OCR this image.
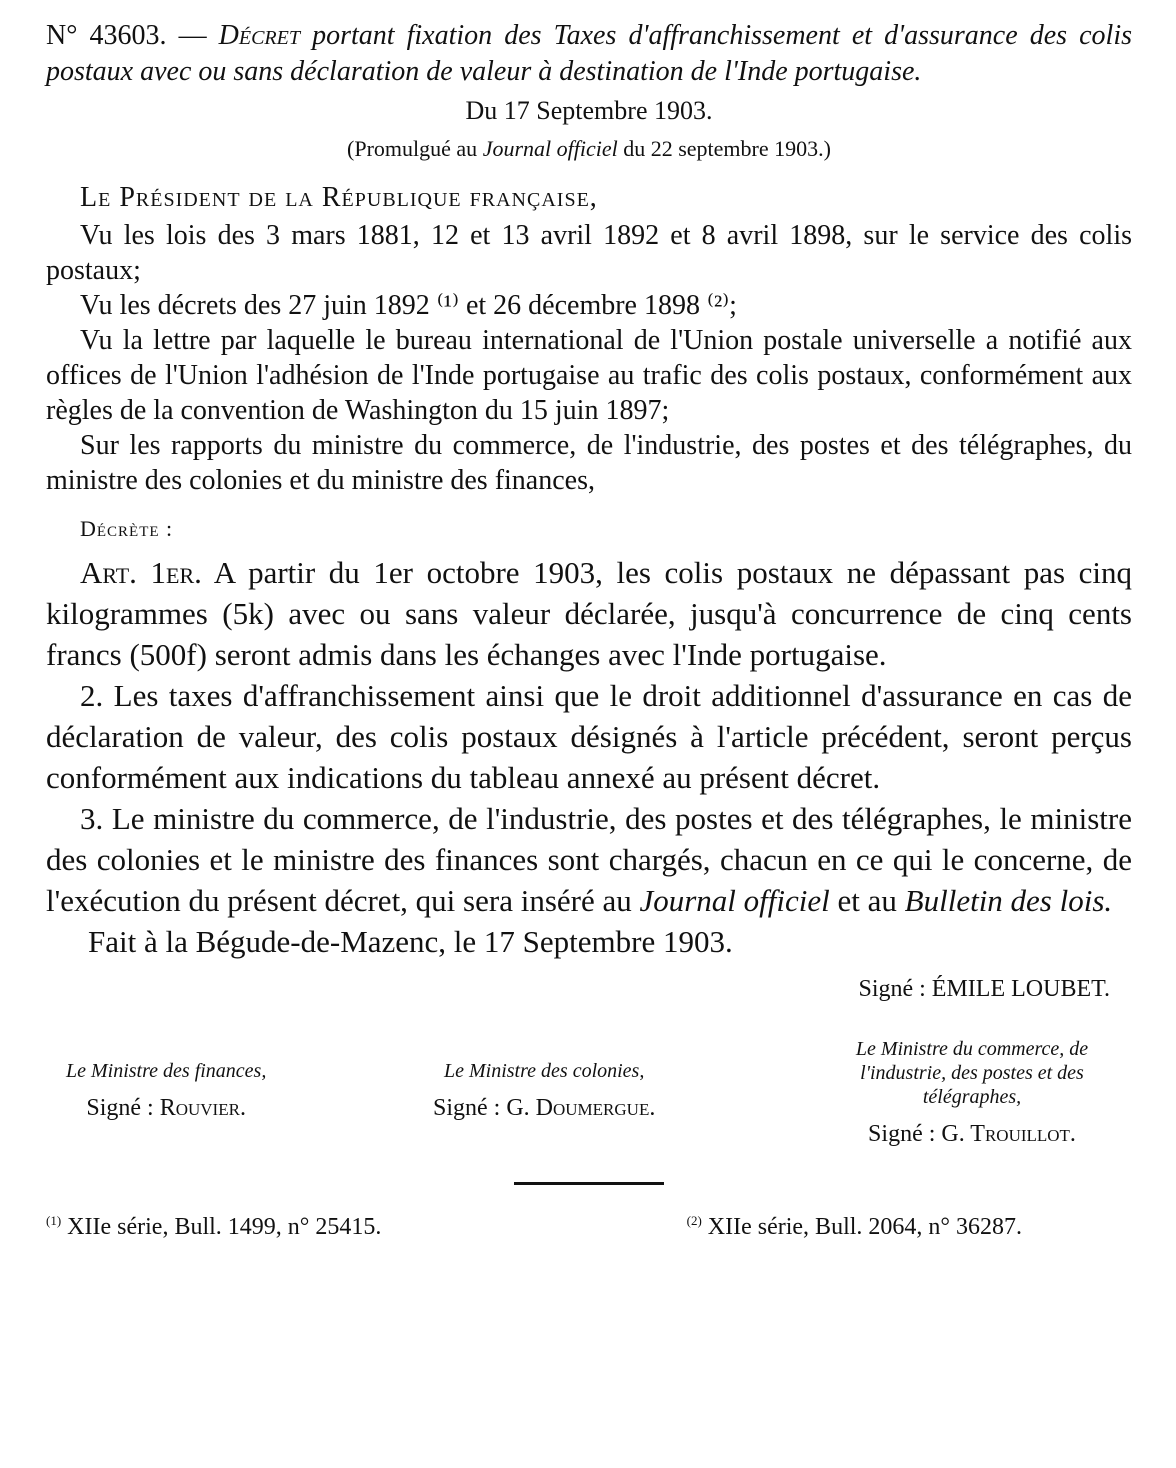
N° 43603. — Décret portant fixation des Taxes d'affranchissement et d'assurance des colis postaux avec ou sans déclaration de valeur à destination de l'Inde portugaise.
Du 17 Septembre 1903.
(Promulgué au Journal officiel du 22 septembre 1903.)
Le Président de la République française,

Vu les lois des 3 mars 1881, 12 et 13 avril 1892 et 8 avril 1898, sur le service des colis postaux;

Vu les décrets des 27 juin 1892 ⁽¹⁾ et 26 décembre 1898 ⁽²⁾;

Vu la lettre par laquelle le bureau international de l'Union postale universelle a notifié aux offices de l'Union l'adhésion de l'Inde portugaise au trafic des colis postaux, conformément aux règles de la convention de Washington du 15 juin 1897;

Sur les rapports du ministre du commerce, de l'industrie, des postes et des télégraphes, du ministre des colonies et du ministre des finances,

Décrète :

Art. 1er. A partir du 1er octobre 1903, les colis postaux ne dépassant pas cinq kilogrammes (5k) avec ou sans valeur déclarée, jusqu'à concurrence de cinq cents francs (500f) seront admis dans les échanges avec l'Inde portugaise.

2. Les taxes d'affranchissement ainsi que le droit additionnel d'assurance en cas de déclaration de valeur, des colis postaux désignés à l'article précédent, seront perçus conformément aux indications du tableau annexé au présent décret.

3. Le ministre du commerce, de l'industrie, des postes et des télégraphes, le ministre des colonies et le ministre des finances sont chargés, chacun en ce qui le concerne, de l'exécution du présent décret, qui sera inséré au Journal officiel et au Bulletin des lois.

Fait à la Bégude-de-Mazenc, le 17 Septembre 1903.

Signé : ÉMILE LOUBET.
Le Ministre des finances,
Signé : Rouvier.
Le Ministre des colonies,
Signé : G. Doumergue.
Le Ministre du commerce, de l'industrie, des postes et des télégraphes,
Signé : G. Trouillot.
$^{(1)}$ XIIe série, Bull. 1499, n° 25415.	$^{(2)}$ XIIe série, Bull. 2064, n° 36287.
